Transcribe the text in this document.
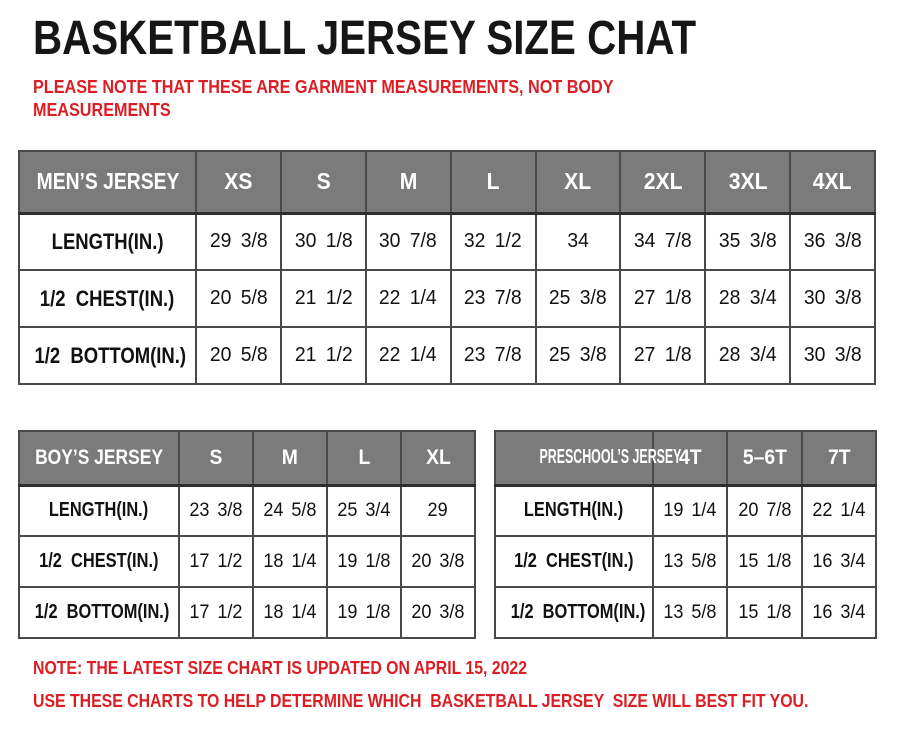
BASKETBALL JERSEY SIZE CHAT
PLEASE NOTE THAT THESE ARE GARMENT MEASUREMENTS, NOT BODY
MEASUREMENTS
MEN’S JERSEY	XS	S	M	L	XL	2XL	3XL	4XL
LENGTH(IN.)	29 3/8	30 1/8	30 7/8	32 1/2	34	34 7/8	35 3/8	36 3/8
1/2  CHEST(IN.)	20 5/8	21 1/2	22 1/4	23 7/8	25 3/8	27 1/8	28 3/4	30 3/8
1/2  BOTTOM(IN.)	20 5/8	21 1/2	22 1/4	23 7/8	25 3/8	27 1/8	28 3/4	30 3/8
BOY’S JERSEY	S	M	L	XL
LENGTH(IN.)	23 3/8	24 5/8	25 3/4	29
1/2  CHEST(IN.)	17 1/2	18 1/4	19 1/8	20 3/8
1/2  BOTTOM(IN.)	17 1/2	18 1/4	19 1/8	20 3/8
PRESCHOOL’S JERSEY	4T	5–6T	7T
LENGTH(IN.)	19 1/4	20 7/8	22 1/4
1/2  CHEST(IN.)	13 5/8	15 1/8	16 3/4
1/2  BOTTOM(IN.)	13 5/8	15 1/8	16 3/4
NOTE: THE LATEST SIZE CHART IS UPDATED ON APRIL 15, 2022
USE THESE CHARTS TO HELP DETERMINE WHICH  BASKETBALL JERSEY  SIZE WILL BEST FIT YOU.
